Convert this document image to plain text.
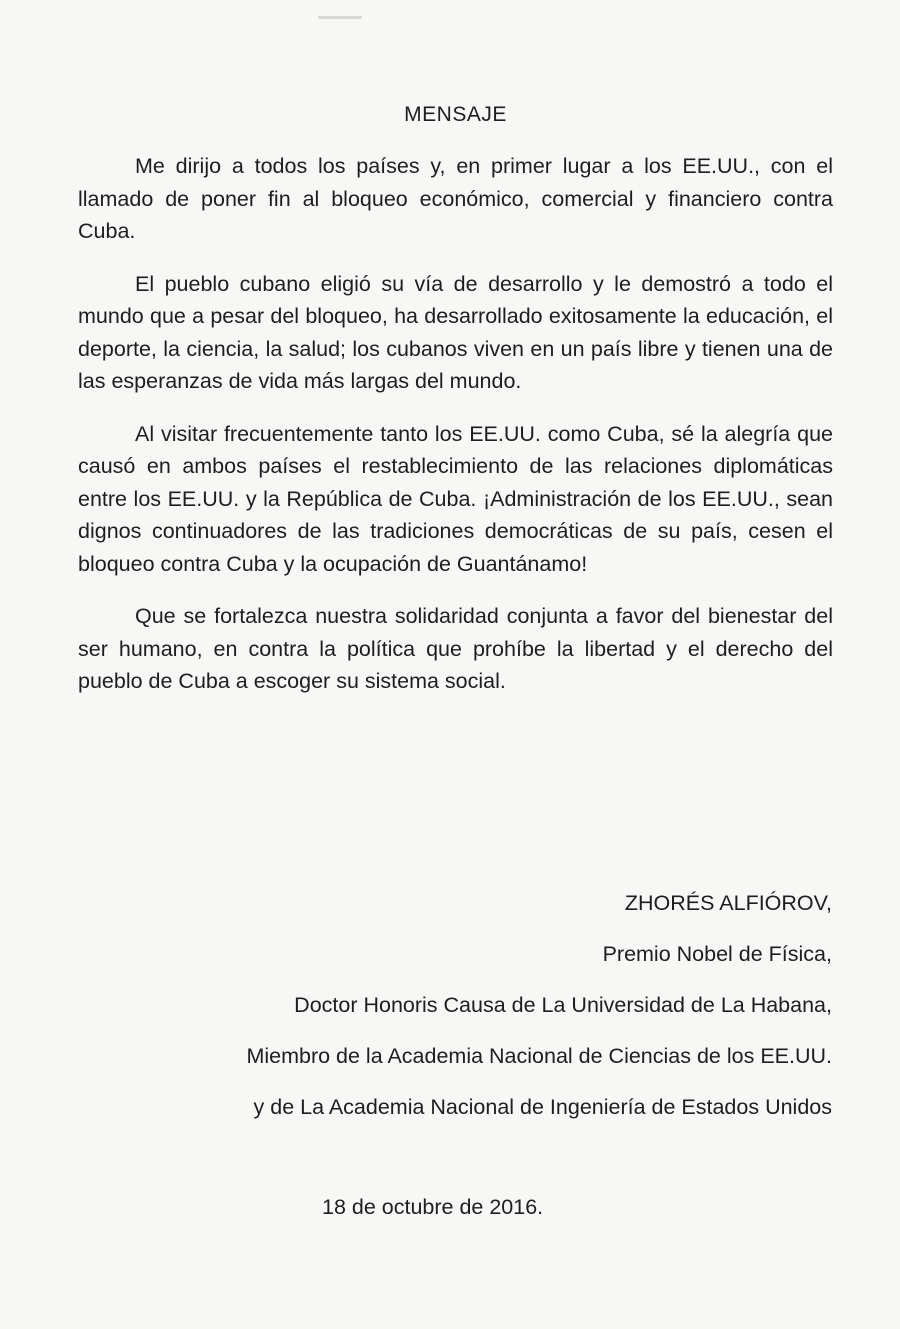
MENSAJE

Me dirijo a todos los países y, en primer lugar a los EE.UU., con el llamado de poner fin al bloqueo económico, comercial y financiero contra Cuba.

El pueblo cubano eligió su vía de desarrollo y le demostró a todo el mundo que a pesar del bloqueo, ha desarrollado exitosamente la educación, el deporte, la ciencia, la salud; los cubanos viven en un país libre y tienen una de las esperanzas de vida más largas del mundo.

Al visitar frecuentemente tanto los EE.UU. como Cuba, sé la alegría que causó en ambos países el restablecimiento de las relaciones diplomáticas entre los EE.UU. y la República de Cuba. ¡Administración de los EE.UU., sean dignos continuadores de las tradiciones democráticas de su país, cesen el bloqueo contra Cuba y la ocupación de Guantánamo!

Que se fortalezca nuestra solidaridad conjunta a favor del bienestar del ser humano, en contra la política que prohíbe la libertad y el derecho del pueblo de Cuba a escoger su sistema social.

ZHORÉS ALFIÓROV,
Premio Nobel de Física,
Doctor Honoris Causa de La Universidad de La Habana,
Miembro de la Academia Nacional de Ciencias de los EE.UU.
y de La Academia Nacional de Ingeniería de Estados Unidos
18 de octubre de 2016.
